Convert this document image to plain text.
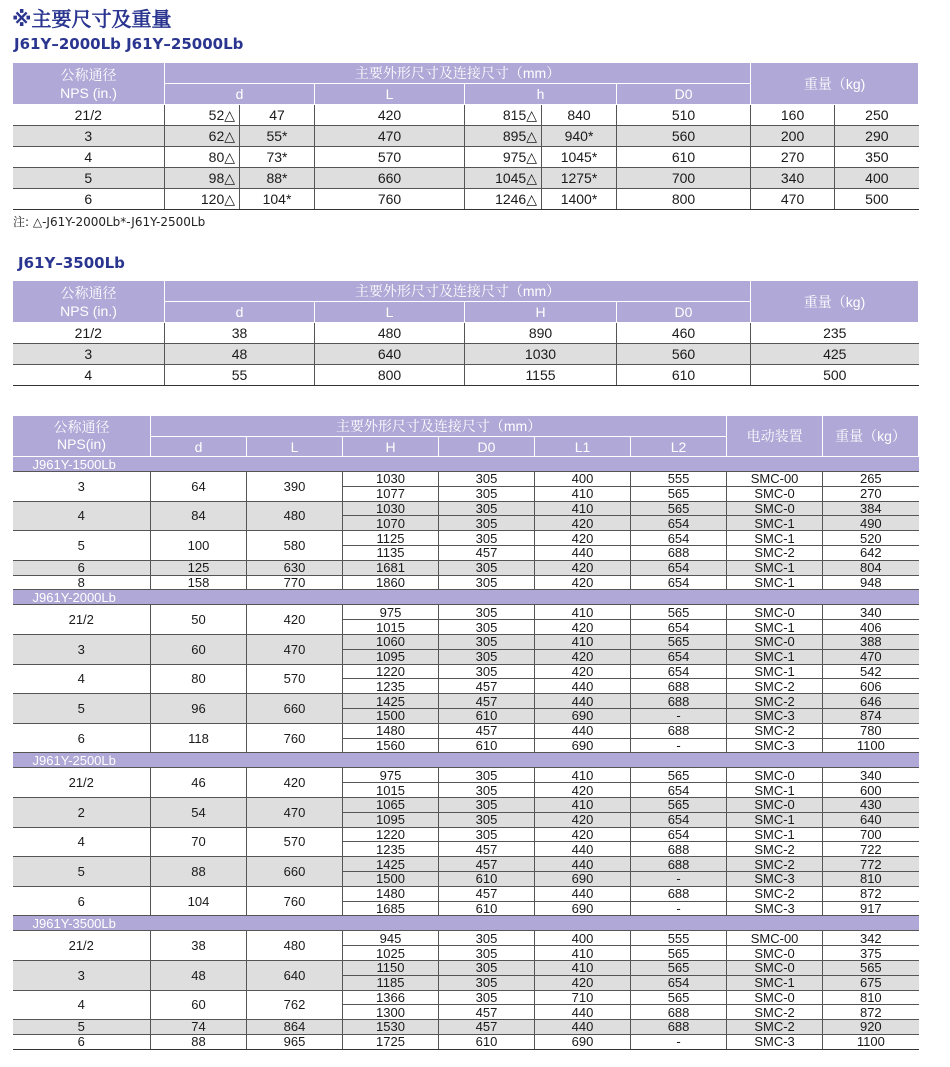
※主要尺寸及重量
J61Y–2000Lb J61Y–25000Lb
公称通径
NPS (in.)	主要外形尺寸及连接尺寸（mm）						重量（kg)	
	d		L	h		D0		
21/2	52△	47	420	815△	840	510	160	250
3	62△	55*	470	895△	940*	560	200	290
4	80△	73*	570	975△	1045*	610	270	350
5	98△	88*	660	1045△	1275*	700	340	400
6	120△	104*	760	1246△	1400*	800	470	500
注: △-J61Y-2000Lb*-J61Y-2500Lb
J61Y–3500Lb
公称通径
NPS (in.)	主要外形尺寸及连接尺寸（mm）				重量（kg)
	d	L	H	D0	
21/2	38	480	890	460	235
3	48	640	1030	560	425
4	55	800	1155	610	500
公称通径
NPS(in)	主要外形尺寸及连接尺寸（mm）						电动装置	重量（kg）
	d	L	H	D0	L1	L2		
J961Y-1500Lb								
3	64	390	1030	305	400	555	SMC-00	265
			1077	305	410	565	SMC-0	270
4	84	480	1030	305	410	565	SMC-0	384
			1070	305	420	654	SMC-1	490
5	100	580	1125	305	420	654	SMC-1	520
			1135	457	440	688	SMC-2	642
6	125	630	1681	305	420	654	SMC-1	804
8	158	770	1860	305	420	654	SMC-1	948
J961Y-2000Lb								
21/2	50	420	975	305	410	565	SMC-0	340
			1015	305	420	654	SMC-1	406
3	60	470	1060	305	410	565	SMC-0	388
			1095	305	420	654	SMC-1	470
4	80	570	1220	305	420	654	SMC-1	542
			1235	457	440	688	SMC-2	606
5	96	660	1425	457	440	688	SMC-2	646
			1500	610	690	-	SMC-3	874
6	118	760	1480	457	440	688	SMC-2	780
			1560	610	690	-	SMC-3	1100
J961Y-2500Lb								
21/2	46	420	975	305	410	565	SMC-0	340
			1015	305	420	654	SMC-1	600
2	54	470	1065	305	410	565	SMC-0	430
			1095	305	420	654	SMC-1	640
4	70	570	1220	305	420	654	SMC-1	700
			1235	457	440	688	SMC-2	722
5	88	660	1425	457	440	688	SMC-2	772
			1500	610	690	-	SMC-3	810
6	104	760	1480	457	440	688	SMC-2	872
			1685	610	690	-	SMC-3	917
J961Y-3500Lb								
21/2	38	480	945	305	400	555	SMC-00	342
			1025	305	410	565	SMC-0	375
3	48	640	1150	305	410	565	SMC-0	565
			1185	305	420	654	SMC-1	675
4	60	762	1366	305	710	565	SMC-0	810
			1300	457	440	688	SMC-2	872
5	74	864	1530	457	440	688	SMC-2	920
6	88	965	1725	610	690	-	SMC-3	1100
